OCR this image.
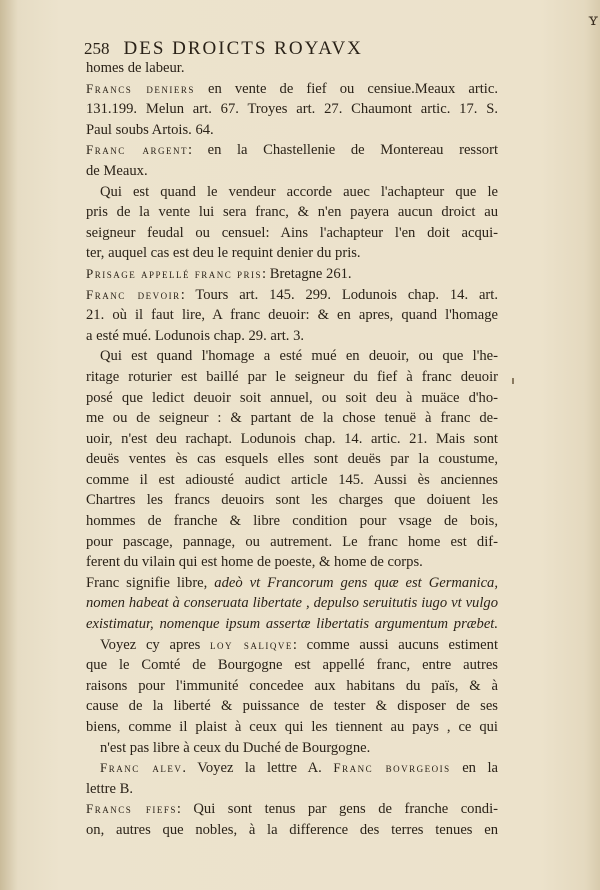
ʏ
258 DES DROICTS ROYAVX
homes de labeur.
Francs deniers en vente de fief ou censiue.Meaux artic.
131.199. Melun art. 67. Troyes art. 27. Chaumont artic. 17. S.
Paul soubs Artois. 64.
Franc argent: en la Chastellenie de Montereau ressort
de Meaux.
Qui est quand le vendeur accorde auec l'achapteur que le
pris de la vente lui sera franc, & n'en payera aucun droict au
seigneur feudal ou censuel: Ains l'achapteur l'en doit acqui-
ter, auquel cas est deu le requint denier du pris.
Prisage appellé franc pris: Bretagne 261.
Franc devoir: Tours art. 145. 299. Lodunois chap. 14. art.
21. où il faut lire, A franc deuoir: & en apres, quand l'homage
a esté mué. Lodunois chap. 29. art. 3.
Qui est quand l'homage a esté mué en deuoir, ou que l'he-
ritage roturier est baillé par le seigneur du fief à franc deuoir
posé que ledict deuoir soit annuel, ou soit deu à muäce d'ho-
me ou de seigneur : & partant de la chose tenuë à franc de-
uoir, n'est deu rachapt. Lodunois chap. 14. artic. 21. Mais sont
deuës ventes ès cas esquels elles sont deuës par la coustume,
comme il est adiousté audict article 145. Aussi ès anciennes
Chartres les francs deuoirs sont les charges que doiuent les
hommes de franche & libre condition pour vsage de bois,
pour pascage, pannage, ou autrement. Le franc home est dif-
ferent du vilain qui est home de poeste, & home de corps.
Franc signifie libre, adeò vt Francorum gens quæ est Germanica,
nomen habeat à conseruata libertate , depulso seruitutis iugo vt vulgo
existimatur, nomenque ipsum assertæ libertatis argumentum præbet.
Voyez cy apres loy saliqve: comme aussi aucuns estiment
que le Comté de Bourgogne est appellé franc, entre autres
raisons pour l'immunité concedee aux habitans du païs, & à
cause de la liberté & puissance de tester & disposer de ses
biens, comme il plaist à ceux qui les tiennent au pays , ce qui
n'est pas libre à ceux du Duché de Bourgogne.
Franc alev. Voyez la lettre A. Franc bovrgeois en la
lettre B.
Francs fiefs: Qui sont tenus par gens de franche condi-
on, autres que nobles, à la difference des terres tenues en
